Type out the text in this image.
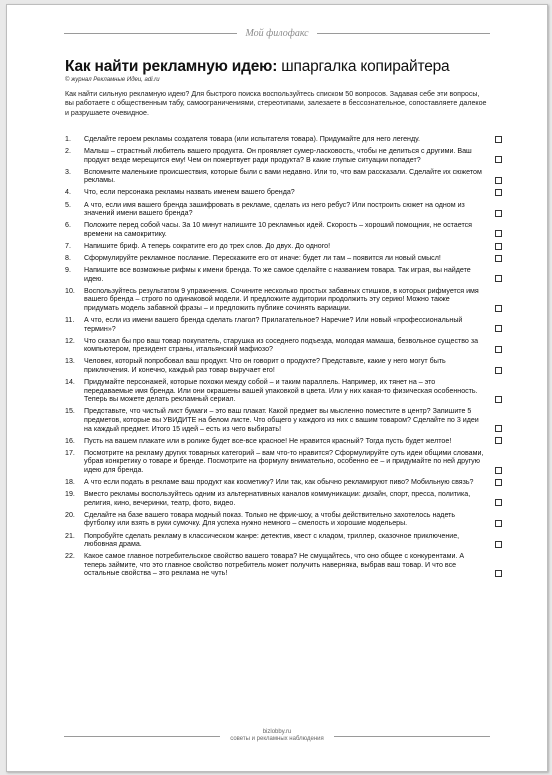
Мой филофакс
Как найти рекламную идею: шпаргалка копирайтера
© журнал Рекламные Идеи, adi.ru
Как найти сильную рекламную идею? Для быстрого поиска воспользуйтесь списком 50 вопросов. Задавая себе эти вопросы, вы работаете с общественным табу, самоограничениями, стереотипами, залезаете в бессознательное, сопоставляете далекое и разрушаете очевидное.
1.	Сделайте героем рекламы создателя товара (или испытателя товара). Придумайте для него легенду.
2.	Малыш – страстный любитель вашего продукта. Он проявляет сумер-ласковость, чтобы не делиться с другими. Ваш продукт везде мерещится ему! Чем он пожертвует ради продукта? В какие глупые ситуации попадет?
3.	Вспомните маленькие происшествия, которые были с вами недавно. Или то, что вам рассказали. Сделайте их сюжетом рекламы.
4.	Что, если персонажа рекламы назвать именем вашего бренда?
5.	А что, если имя вашего бренда зашифровать в рекламе, сделать из него ребус? Или построить сюжет на одном из значений имени вашего бренда?
6.	Положите перед собой часы. За 10 минут напишите 10 рекламных идей. Скорость – хороший помощник, не остается времени на самокритику.
7.	Напишите бриф. А теперь сократите его до трех слов. До двух. До одного!
8.	Сформулируйте рекламное послание. Перескажите его от иначе: будет ли там – появится ли новый смысл!
9.	Напишите все возможные рифмы к имени бренда. То же самое сделайте с названием товара. Так играя, вы найдете идею.
10.	Воспользуйтесь результатом 9 упражнения. Сочините несколько простых забавных стишков, в которых рифмуется имя вашего бренда – строго по одинаковой модели. И предложите аудитории продолжить эту серию! Можно также придумать модель забавной фразы – и предложить публике сочинять вариации.
11.	А что, если из имени вашего бренда сделать глагол? Прилагательное? Наречие? Или новый «профессиональный термин»?
12.	Что сказал бы про ваш товар покупатель, старушка из соседнего подъезда, молодая мамаша, безвольное существо за компьютером, президент страны, итальянский мафиозо?
13.	Человек, который попробовал ваш продукт. Что он говорит о продукте? Представьте, какие у него могут быть приключения. И конечно, каждый раз товар выручает его!
14.	Придумайте персонажей, которые похожи между собой – и таким параллель. Например, их тянет на – это передаваемые имя бренда. Или они окрашены вашей упаковкой в цвета. Или у них какая-то физическая особенность. Теперь вы можете делать рекламный сериал.
15.	Представьте, что чистый лист бумаги – это ваш плакат. Какой предмет вы мысленно поместите в центр? Запишите 5 предметов, которые вы УВИДИТЕ на белом листе. Что общего у каждого из них с вашим товаром? Сделайте по 3 идеи на каждый предмет. Итого 15 идей – есть из чего выбирать!
16.	Пусть на вашем плакате или в ролике будет все-все красное! Не нравится красный? Тогда пусть будет желтое!
17.	Посмотрите на рекламу других товарных категорий – вам что-то нравится? Сформулируйте суть идеи общими словами, убрав конкретику о товаре и бренде. Посмотрите на формулу внимательно, особенно ее – и придумайте по ней другую идею для бренда.
18.	А что если подать в рекламе ваш продукт как косметику? Или так, как обычно рекламируют пиво? Мобильную связь?
19.	Вместо рекламы воспользуйтесь одним из альтернативных каналов коммуникации: дизайн, спорт, пресса, политика, религия, кино, вечеринки, театр, фото, видео.
20.	Сделайте на базе вашего товара модный показ. Только не фрик-шоу, а чтобы действительно захотелось надеть футболку или взять в руки сумочку. Для успеха нужно немного – смелость и хорошие модельеры.
21.	Попробуйте сделать рекламу в классическом жанре: детектив, квест с кладом, триллер, сказочное приключение, любовная драма.
22.	Какое самое главное потребительское свойство вашего товара? Не смущайтесь, что оно общее с конкурентами. А теперь займите, что это главное свойство потребитель может получить наверняка, выбрав ваш товар. И что все остальные свойства – это реклама не чуть!
bizlobby.ru
советы и рекламных наблюдения
